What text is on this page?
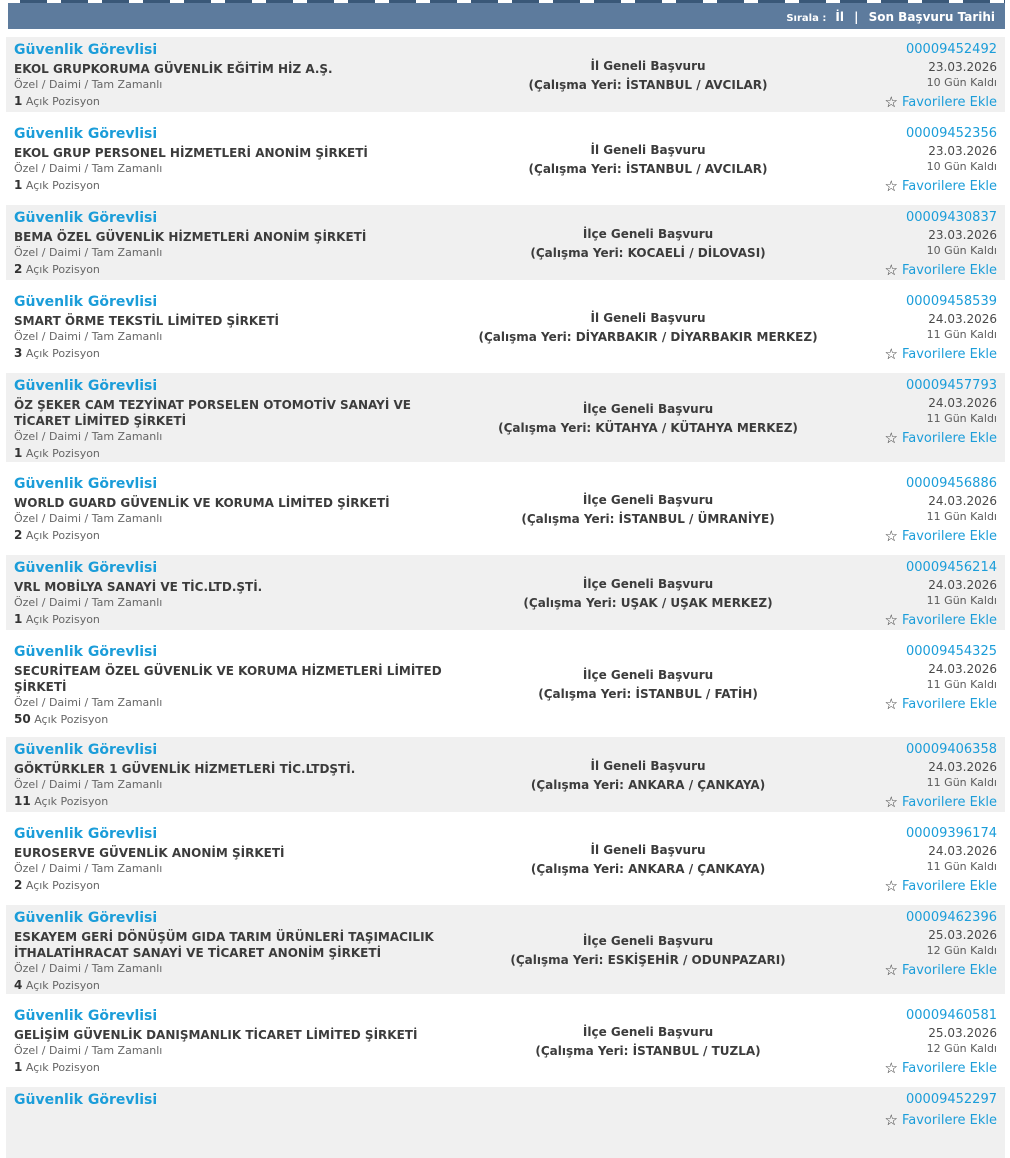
Sırala : İl | Son Başvuru Tarihi
Güvenlik Görevlisi
EKOL GRUPKORUMA GÜVENLİK EĞİTİM HİZ A.Ş.
Özel / Daimi / Tam Zamanlı
1 Açık Pozisyon
İl Geneli Başvuru
(Çalışma Yeri: İSTANBUL / AVCILAR)
00009452492
23.03.2026
10 Gün Kaldı
☆ Favorilere Ekle
Güvenlik Görevlisi
EKOL GRUP PERSONEL HİZMETLERİ ANONİM ŞİRKETİ
Özel / Daimi / Tam Zamanlı
1 Açık Pozisyon
İl Geneli Başvuru
(Çalışma Yeri: İSTANBUL / AVCILAR)
00009452356
23.03.2026
10 Gün Kaldı
☆ Favorilere Ekle
Güvenlik Görevlisi
BEMA ÖZEL GÜVENLİK HİZMETLERİ ANONİM ŞİRKETİ
Özel / Daimi / Tam Zamanlı
2 Açık Pozisyon
İlçe Geneli Başvuru
(Çalışma Yeri: KOCAELİ / DİLOVASI)
00009430837
23.03.2026
10 Gün Kaldı
☆ Favorilere Ekle
Güvenlik Görevlisi
SMART ÖRME TEKSTİL LİMİTED ŞİRKETİ
Özel / Daimi / Tam Zamanlı
3 Açık Pozisyon
İl Geneli Başvuru
(Çalışma Yeri: DİYARBAKIR / DİYARBAKIR MERKEZ)
00009458539
24.03.2026
11 Gün Kaldı
☆ Favorilere Ekle
Güvenlik Görevlisi
ÖZ ŞEKER CAM TEZYİNAT PORSELEN OTOMOTİV SANAYİ VE TİCARET LİMİTED ŞİRKETİ
Özel / Daimi / Tam Zamanlı
1 Açık Pozisyon
İlçe Geneli Başvuru
(Çalışma Yeri: KÜTAHYA / KÜTAHYA MERKEZ)
00009457793
24.03.2026
11 Gün Kaldı
☆ Favorilere Ekle
Güvenlik Görevlisi
WORLD GUARD GÜVENLİK VE KORUMA LİMİTED ŞİRKETİ
Özel / Daimi / Tam Zamanlı
2 Açık Pozisyon
İlçe Geneli Başvuru
(Çalışma Yeri: İSTANBUL / ÜMRANİYE)
00009456886
24.03.2026
11 Gün Kaldı
☆ Favorilere Ekle
Güvenlik Görevlisi
VRL MOBİLYA SANAYİ VE TİC.LTD.ŞTİ.
Özel / Daimi / Tam Zamanlı
1 Açık Pozisyon
İlçe Geneli Başvuru
(Çalışma Yeri: UŞAK / UŞAK MERKEZ)
00009456214
24.03.2026
11 Gün Kaldı
☆ Favorilere Ekle
Güvenlik Görevlisi
SECURİTEAM ÖZEL GÜVENLİK VE KORUMA HİZMETLERİ LİMİTED ŞİRKETİ
Özel / Daimi / Tam Zamanlı
50 Açık Pozisyon
İlçe Geneli Başvuru
(Çalışma Yeri: İSTANBUL / FATİH)
00009454325
24.03.2026
11 Gün Kaldı
☆ Favorilere Ekle
Güvenlik Görevlisi
GÖKTÜRKLER 1 GÜVENLİK HİZMETLERİ TİC.LTDŞTİ.
Özel / Daimi / Tam Zamanlı
11 Açık Pozisyon
İl Geneli Başvuru
(Çalışma Yeri: ANKARA / ÇANKAYA)
00009406358
24.03.2026
11 Gün Kaldı
☆ Favorilere Ekle
Güvenlik Görevlisi
EUROSERVE GÜVENLİK ANONİM ŞİRKETİ
Özel / Daimi / Tam Zamanlı
2 Açık Pozisyon
İl Geneli Başvuru
(Çalışma Yeri: ANKARA / ÇANKAYA)
00009396174
24.03.2026
11 Gün Kaldı
☆ Favorilere Ekle
Güvenlik Görevlisi
ESKAYEM GERİ DÖNÜŞÜM GIDA TARIM ÜRÜNLERİ TAŞIMACILIK İTHALATİHRACAT SANAYİ VE TİCARET ANONİM ŞİRKETİ
Özel / Daimi / Tam Zamanlı
4 Açık Pozisyon
İlçe Geneli Başvuru
(Çalışma Yeri: ESKİŞEHİR / ODUNPAZARI)
00009462396
25.03.2026
12 Gün Kaldı
☆ Favorilere Ekle
Güvenlik Görevlisi
GELİŞİM GÜVENLİK DANIŞMANLIK TİCARET LİMİTED ŞİRKETİ
Özel / Daimi / Tam Zamanlı
1 Açık Pozisyon
İlçe Geneli Başvuru
(Çalışma Yeri: İSTANBUL / TUZLA)
00009460581
25.03.2026
12 Gün Kaldı
☆ Favorilere Ekle
Güvenlik Görevlisi	00009452297
☆ Favorilere Ekle
